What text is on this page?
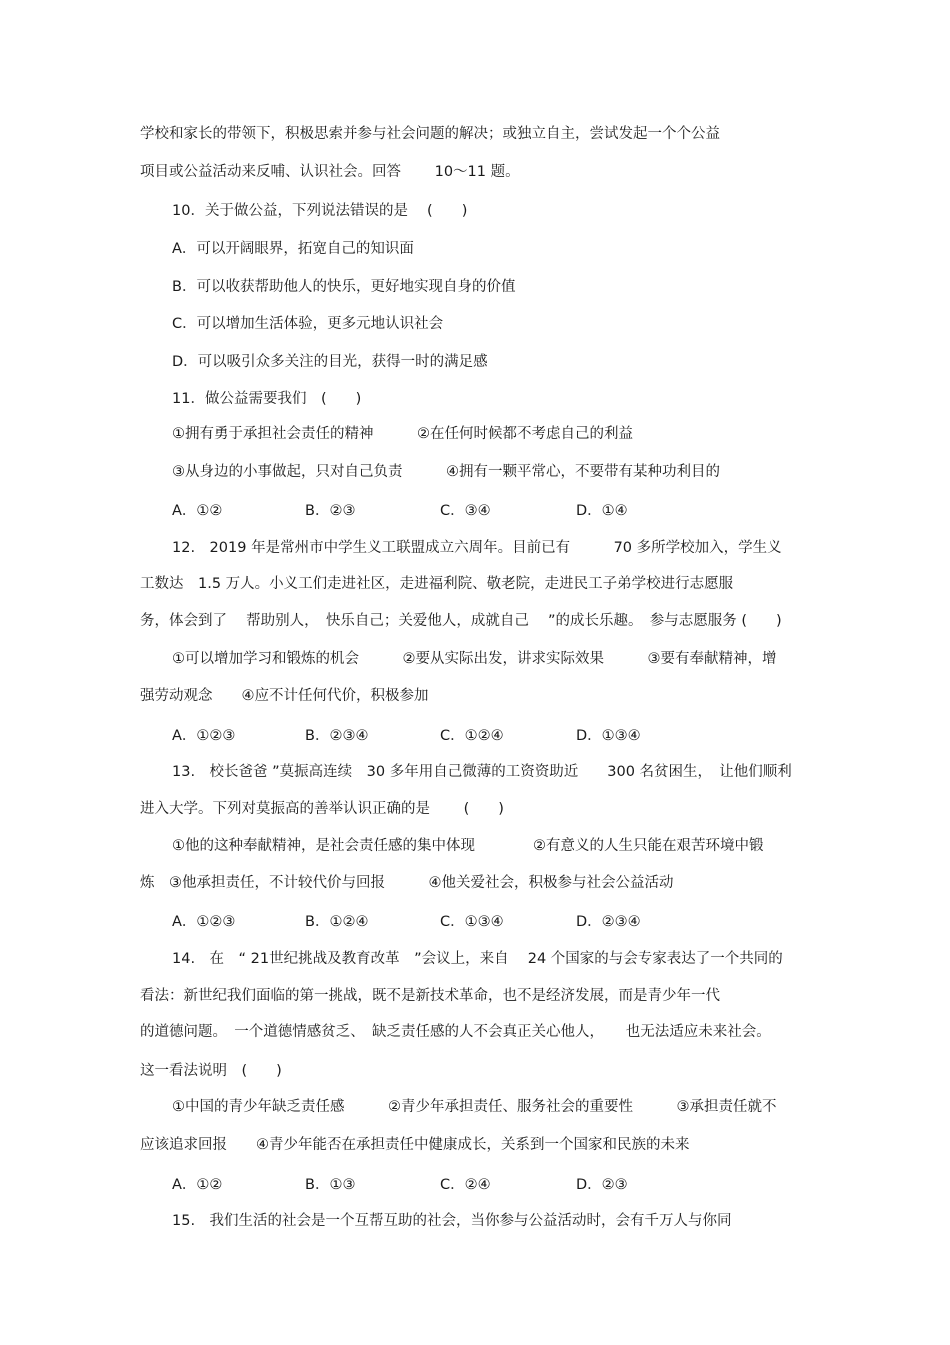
学校和家长的带领下，积极思索并参与社会问题的解决；或独立自主，尝试发起一个个公益
项目或公益活动来反哺、认识社会。回答　　 10～11 题。
10．关于做公益，下列说法错误的是　 (　　)
A．可以开阔眼界，拓宽自己的知识面
B．可以收获帮助他人的快乐，更好地实现自身的价值
C．可以增加生活体验，更多元地认识社会
D．可以吸引众多关注的目光，获得一时的满足感
11．做公益需要我们　(　　)
①拥有勇于承担社会责任的精神　　　②在任何时候都不考虑自己的利益
③从身边的小事做起，只对自己负责　　　④拥有一颗平常心，不要带有某种功利目的
A．①②	B．②③	C．③④	D．①④
12.　2019 年是常州市中学生义工联盟成立六周年。目前已有　　　70 多所学校加入，学生义
工数达　1.5 万人。小义工们走进社区，走进福利院、敬老院，走进民工子弟学校进行志愿服
务，体会到了　 帮助别人，　快乐自己；关爱他人，成就自己　 ”的成长乐趣。　参与志愿服务 (　　)
①可以增加学习和锻炼的机会　　　②要从实际出发，讲求实际效果　　　③要有奉献精神，增
强劳动观念　　④应不计任何代价，积极参加
A．①②③	B．②③④	C．①②④	D．①③④
13.　校长爸爸 ”莫振高连续　30 多年用自己微薄的工资资助近　　300 名贫困生，　让他们顺利
进入大学。下列对莫振高的善举认识正确的是　　 (　　)
①他的这种奉献精神，是社会责任感的集中体现　　　　②有意义的人生只能在艰苦环境中锻
炼　③他承担责任，不计较代价与回报　　　④他关爱社会，积极参与社会公益活动
A．①②③	B．①②④	C．①③④	D．②③④
14.　在　“ 21世纪挑战及教育改革　”会议上，来自　 24 个国家的与会专家表达了一个共同的
看法：新世纪我们面临的第一挑战，既不是新技术革命，也不是经济发展，而是青少年一代
的道德问题。　一个道德情感贫乏、　缺乏责任感的人不会真正关心他人，　　也无法适应未来社会。
这一看法说明　(　　)
①中国的青少年缺乏责任感　　　②青少年承担责任、服务社会的重要性　　　③承担责任就不
应该追求回报　　④青少年能否在承担责任中健康成长，关系到一个国家和民族的未来
A．①②	B．①③	C．②④	D．②③
15.　我们生活的社会是一个互帮互助的社会，当你参与公益活动时，会有千万人与你同
